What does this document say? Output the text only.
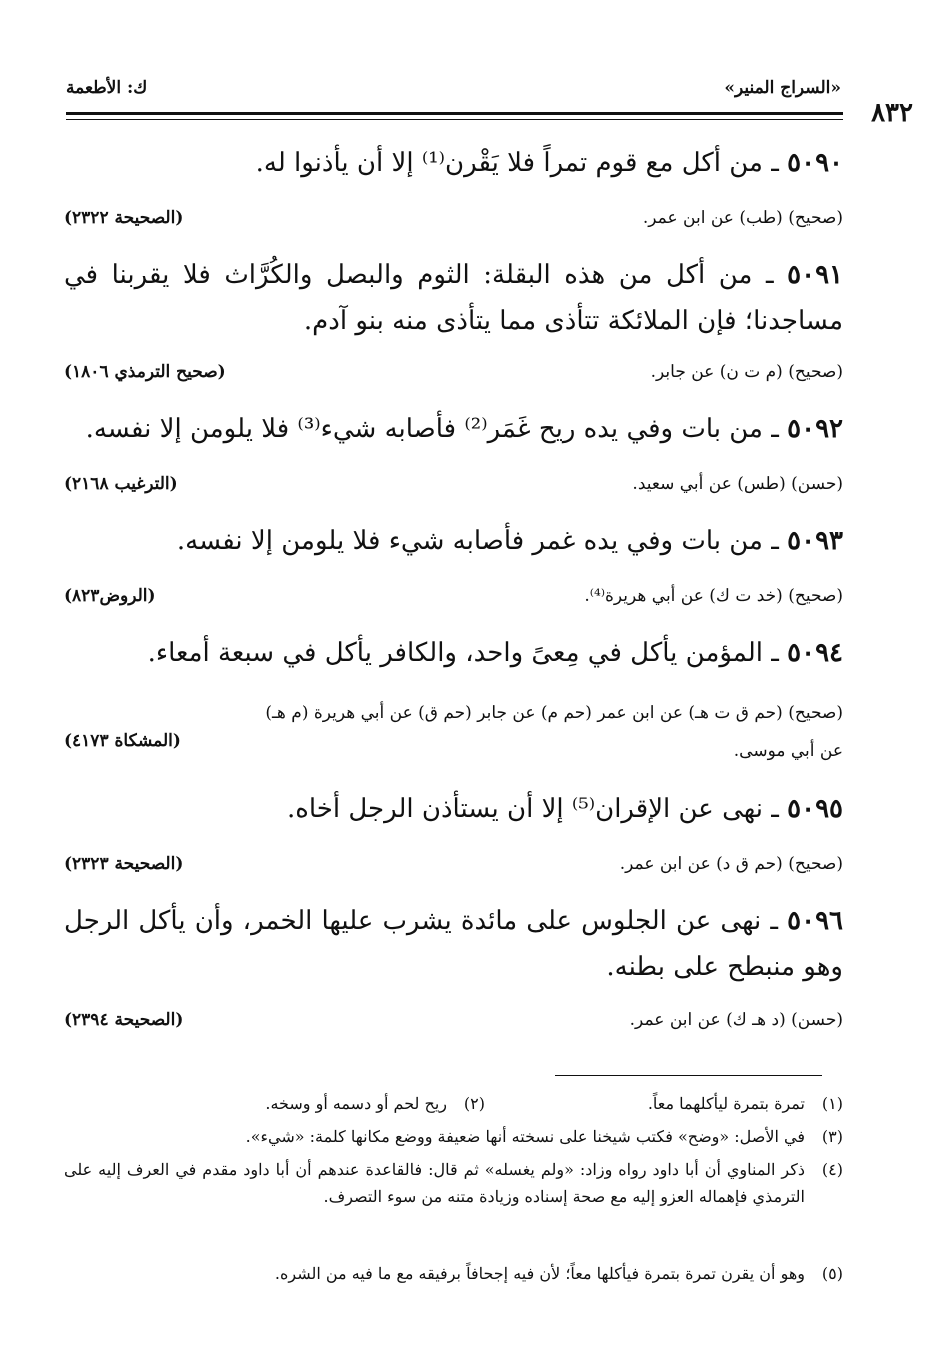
٨٣٢
«السراج المنير»
ك: الأطعمة
٥٠٩٠ ـ من أكل مع قوم تمراً فلا يَقْرن⁽¹⁾ إلا أن يأذنوا له.
(صحيح) (طب) عن ابن عمر.
(الصحيحة ٢٣٢٢)
٥٠٩١ ـ من أكل من هذه البقلة: الثوم والبصل والكُرَّاث فلا يقربنا في مساجدنا؛ فإن الملائكة تتأذى مما يتأذى منه بنو آدم.
(صحيح) (م ت ن) عن جابر.
(صحيح الترمذي ١٨٠٦)
٥٠٩٢ ـ من بات وفي يده ريح غَمَر⁽²⁾ فأصابه شيء⁽³⁾ فلا يلومن إلا نفسه.
(حسن) (طس) عن أبي سعيد.
(الترغيب ٢١٦٨)
٥٠٩٣ ـ من بات وفي يده غمر فأصابه شيء فلا يلومن إلا نفسه.
(صحيح) (خد ت ك) عن أبي هريرة⁽⁴⁾.
(الروض٨٢٣)
٥٠٩٤ ـ المؤمن يأكل في مِعىً واحد، والكافر يأكل في سبعة أمعاء.
(صحيح) (حم ق ت هـ) عن ابن عمر (حم م) عن جابر (حم ق) عن أبي هريرة (م هـ)
عن أبي موسى.
(المشكاة ٤١٧٣)
٥٠٩٥ ـ نهى عن الإقران⁽⁵⁾ إلا أن يستأذن الرجل أخاه.
(صحيح) (حم ق د) عن ابن عمر.
(الصحيحة ٢٣٢٣)
٥٠٩٦ ـ نهى عن الجلوس على مائدة يشرب عليها الخمر، وأن يأكل الرجل وهو منبطح على بطنه.
(حسن) (د هـ ك) عن ابن عمر.
(الصحيحة ٢٣٩٤)
(١)تمرة بتمرة ليأكلهما معاً.(٢)ريح لحم أو دسمه أو وسخه.
(٣)في الأصل: «وضح» فكتب شيخنا على نسخته أنها ضعيفة ووضع مكانها كلمة: «شيء».
(٤)
ذكر المناوي أن أبا داود رواه وزاد: «ولم يغسله» ثم قال: فالقاعدة عندهم أن أبا داود مقدم في العرف إليه على الترمذي فإهماله العزو إليه مع صحة إسناده وزيادة متنه من سوء التصرف.
(٥)وهو أن يقرن تمرة بتمرة فيأكلها معاً؛ لأن فيه إجحافاً برفيقه مع ما فيه من الشره.
